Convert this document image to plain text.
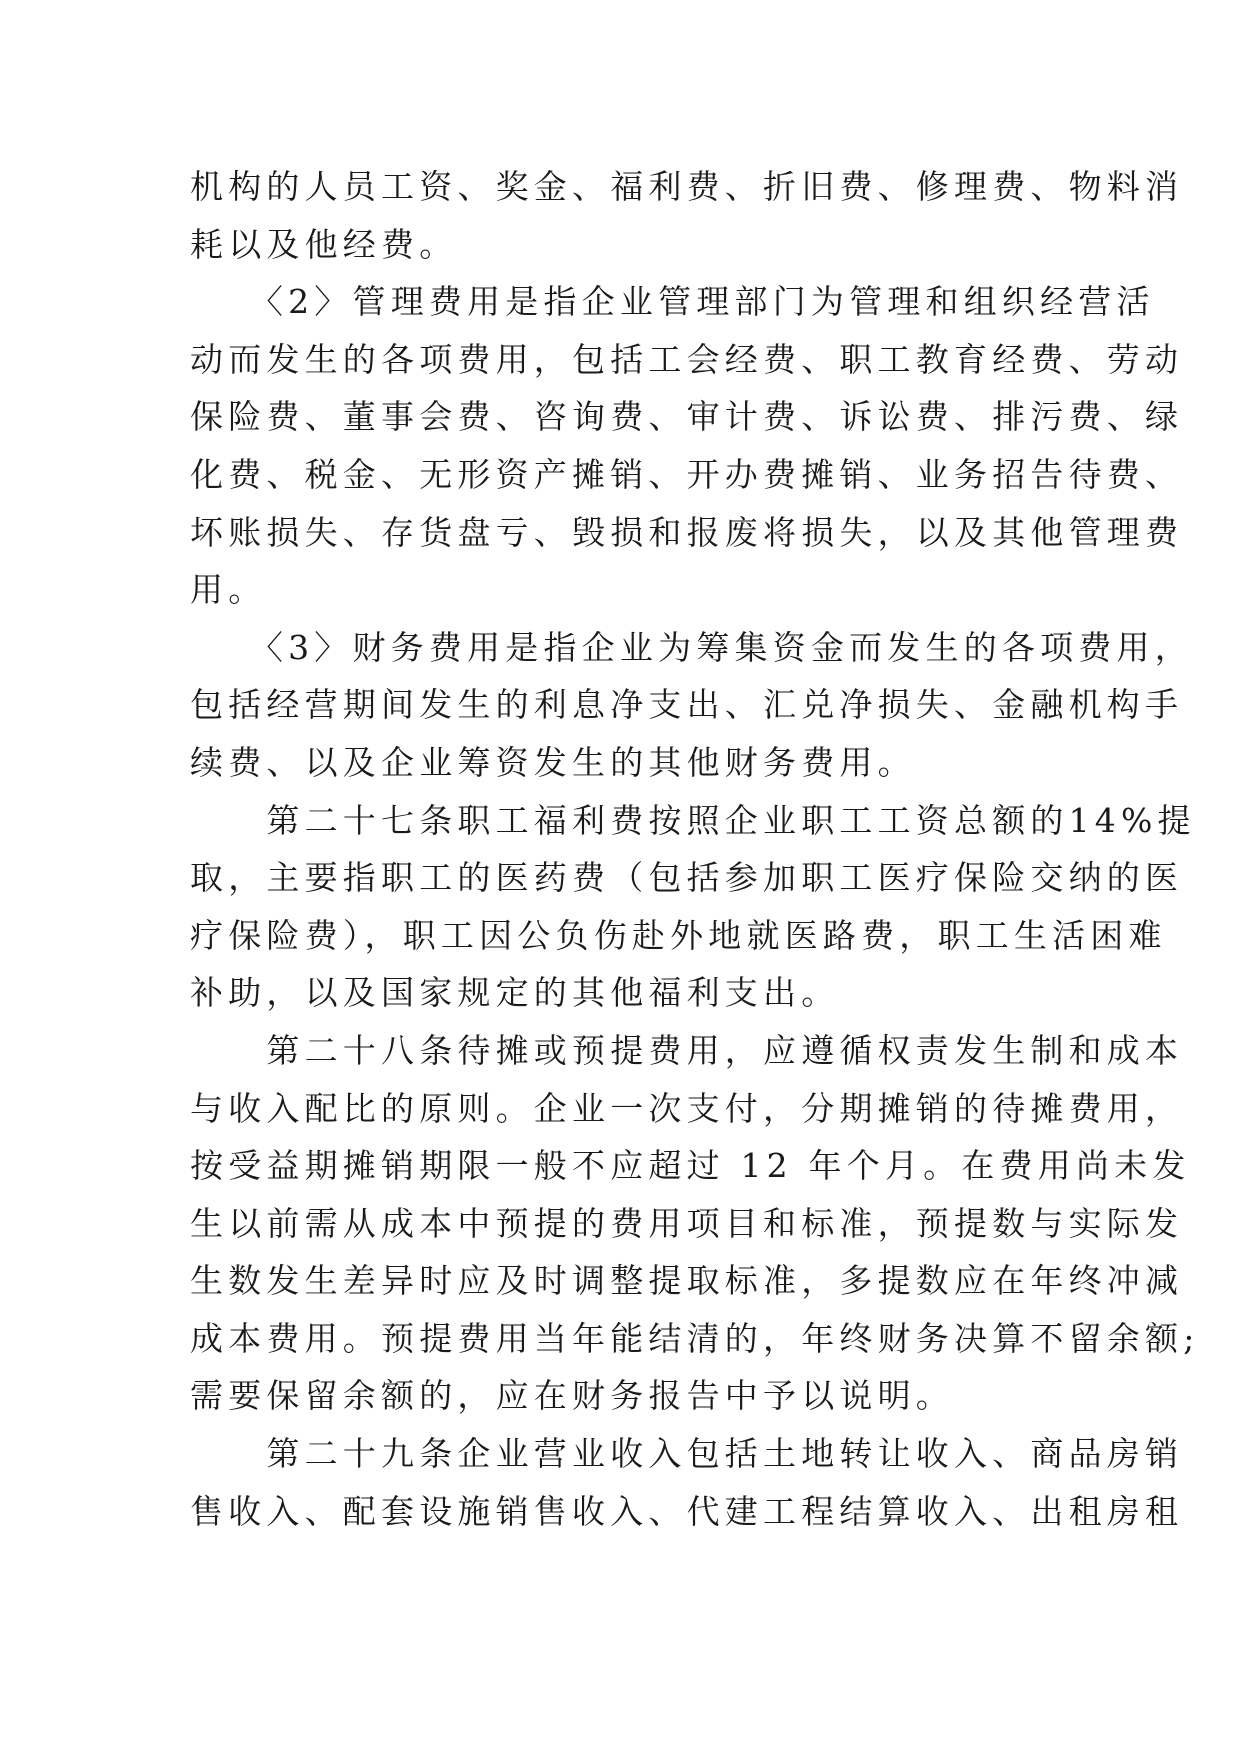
机构的人员工资、奖金、福利费、折旧费、修理费、物料消
耗以及他经费。
　　〈2〉管理费用是指企业管理部门为管理和组织经营活
动而发生的各项费用，包括工会经费、职工教育经费、劳动
保险费、董事会费、咨询费、审计费、诉讼费、排污费、绿
化费、税金、无形资产摊销、开办费摊销、业务招告待费、
坏账损失、存货盘亏、毁损和报废将损失，以及其他管理费
用。
　　〈3〉财务费用是指企业为筹集资金而发生的各项费用，
包括经营期间发生的利息净支出、汇兑净损失、金融机构手
续费、以及企业筹资发生的其他财务费用。
　　第二十七条职工福利费按照企业职工工资总额的14%提
取，主要指职工的医药费（包括参加职工医疗保险交纳的医
疗保险费），职工因公负伤赴外地就医路费，职工生活困难
补助，以及国家规定的其他福利支出。
　　第二十八条待摊或预提费用，应遵循权责发生制和成本
与收入配比的原则。企业一次支付，分期摊销的待摊费用，
按受益期摊销期限一般不应超过 12 年个月。在费用尚未发
生以前需从成本中预提的费用项目和标准，预提数与实际发
生数发生差异时应及时调整提取标准，多提数应在年终冲减
成本费用。预提费用当年能结清的，年终财务决算不留余额;
需要保留余额的，应在财务报告中予以说明。
　　第二十九条企业营业收入包括土地转让收入、商品房销
售收入、配套设施销售收入、代建工程结算收入、出租房租
